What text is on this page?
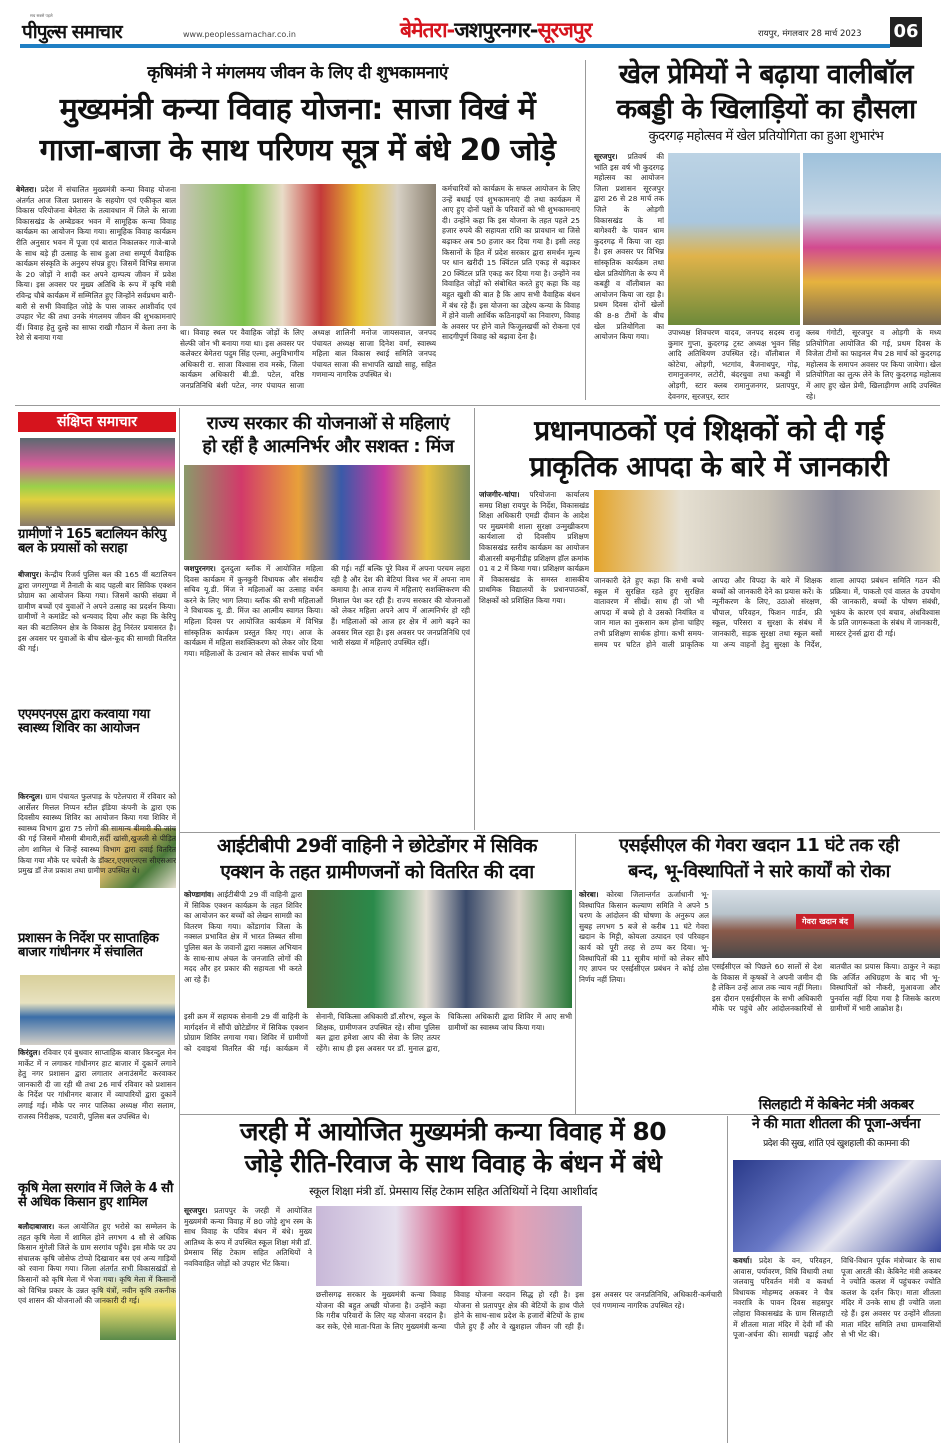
पीपुल्स समाचार
सच सबसे पहले
www.peoplessamachar.co.in	बेमेतरा-जशपुरनगर-सूरजपुर	रायपुर, मंगलवार 28 मार्च 2023 06
कृषिमंत्री ने मंगलमय जीवन के लिए दी शुभकामनाएं
मुख्यमंत्री कन्या विवाह योजना: साजा विखं में
गाजा-बाजा के साथ परिणय सूत्र में बंधे 20 जोड़े
बेमेतरा। प्रदेश में संचालित मुख्यमंत्री कन्या विवाह योजना अंतर्गत आज जिला प्रशासन के सहयोग एवं एकीकृत बाल विकास परियोजना बेमेतरा के तत्वावधान में जिले के साजा विकासखंड के अम्बेडकर भवन में सामूहिक कन्या विवाह कार्यक्रम का आयोजन किया गया। सामूहिक विवाह कार्यक्रम रीति अनुसार भवन में पूजा एवं बारात निकालकर गाजे-बाजे के साथ बड़े ही उत्साह के साथ हुआ तथा सम्पूर्ण वैवाहिक कार्यक्रम संस्कृति के अनुरुप संपन्न हुए। जिसमें विभिन्न समाज के 20 जोड़ों ने शादी कर अपने दाम्पत्य जीवन में प्रवेश किया। इस अवसर पर मुख्य अतिथि के रूप में कृषि मंत्री रविन्द्र चौबे कार्यक्रम में सम्मिलित हुए जिन्होंने सर्वप्रथम बारी-बारी से सभी विवाहित जोड़े के पास जाकर आशीर्वाद एवं उपहार भेंट की तथा उनके मंगलमय जीवन की शुभकामनाएं दीं। विवाह हेतु दुल्हे का साफा राखी गौठान में केला तना के रेशे से बनाया गया
था। विवाह स्थल पर वैवाहिक जोड़ों के लिए सेल्फी जोन भी बनाया गया था। इस अवसर पर कलेक्टर बेमेतरा पदुम सिंह एल्मा, अनुविभागीय अधिकारी रा. साजा विश्वास राव मस्के, जिला कार्यक्रम अधिकारी बी.डी. पटेल, वरिष्ठ जनप्रतिनिधि बंशी पटेल, नगर पंचायत साजा अध्यक्ष शालिनी मनोज जायसवाल, जनपद पंचायत अध्यक्ष साजा दिनेश वर्मा, स्वास्थ्य महिला बाल विकास स्थाई समिति जनपद पंचायत साजा की सभापति खाद्यो साहू, सहित गणमान्य नागरिक उपस्थित थे।
कर्मचारियों को कार्यक्रम के सफल आयोजन के लिए उन्हें बधाई एवं शुभकामनाएं दी तथा कार्यक्रम में आए हुए दोनों पक्षों के परिवारों को भी शुभकामनाएं दी। उन्होंने कहा कि इस योजना के तहत पहले 25 हजार रुपये की सहायता राशि का प्रावधान था जिसे बढ़ाकर अब 50 हजार कर दिया गया है। इसी तरह किसानों के हित में प्रदेश सरकार द्वारा समर्थन मूल्य पर धान खरीदी 15 क्विंटल प्रति एकड़ से बढ़ाकर 20 क्विंटल प्रति एकड़ कर दिया गया है। उन्होंने नव विवाहित जोड़ों को संबोधित करते हुए कहा कि वह बहुत खुशी की बात है कि आप सभी वैवाहिक बंधन में बंध रहे हैं। इस योजना का उद्देश्य कन्या के विवाह में होने वाली आर्थिक कठिनाइयों का निवारण, विवाह के अवसर पर होने वाले फिजूलखर्ची को रोकना एवं सादगीपूर्ण विवाह को बढ़ावा देना है।
खेल प्रेमियों ने बढ़ाया वालीबॉल
कबड्डी के खिलाड़ियों का हौसला
कुदरगढ़ महोत्सव में खेल प्रतियोगिता का हुआ शुभारंभ
सूरजपुर। प्रतिवर्ष की भांति इस वर्ष भी कुदरगढ़ महोत्सव का आयोजन जिला प्रशासन सूरजपुर द्वारा 26 से 28 मार्च तक जिले के ओड़गी विकासखंड के मां बागेश्वरी के पावन धाम कुदरगढ़ में किया जा रहा है। इस अवसर पर विभिन्न सांस्कृतिक कार्यक्रम तथा खेल प्रतियोगिता के रूप में कबड्डी व वॉलीबाल का आयोजन किया जा रहा है। प्रथम दिवस दोनों खेलों की 8-8 टीमों के बीच खेल प्रतियोगिता का आयोजन किया गया।	उपाध्यक्ष शिवचरण यादव, जनपद सदस्य राजू कुमार गुप्ता, कुदरगढ़ ट्रस्ट अध्यक्ष भुवन सिंह आदि अतिथियण उपस्थित रहे। वॉलीबाल में कोटेया, ओड़गी, भटगांव, बैजनाथपुर, गोढ़, रामानुजनगर, लटोरी, बंदरचुवा तथा कबड्डी में ओड़गी, स्टार क्लब रामानुजनगर, प्रतापपुर, देवनगर, सूरजपुर, स्टार
क्लब गंगोटी, सूरजपुर व ओड़गी के मध्य प्रतियोगिता आयोजित की गई, प्रथम दिवस के विजेता टीमों का फाइनल मैच 28 मार्च को कुदरगढ़ महोत्सव के समापन अवसर पर किया जायेगा। खेल प्रतियोगिता का लुत्फ लेने के लिए कुदरगढ़ महोत्सव में आए हुए खेल प्रेमी, खिलाड़ीगण आदि उपस्थित रहे।
संक्षिप्त समाचार
ग्रामीणों ने 165 बटालियन केरिपु बल के प्रयासों को सराहा
बीजापुर। केन्द्रीय रिजर्व पुलिस बल की 165 वीं बटालियन द्वारा जगरगुण्डा में तैनाती के बाद पहली बार सिविक एक्शन प्रोग्राम का आयोजन किया गया। जिसमें काफी संख्या में ग्रामीण बच्चों एवं युवाओं ने अपने उत्साह का प्रदर्शन किया। ग्रामीणों ने कमांडेंट को धन्यवाद दिया और कहा कि केरिपु बल की बटालियन क्षेत्र के विकास हेतु निरंतर प्रयासरत है। इस अवसर पर युवाओं के बीच खेल-कूद की सामग्री वितरित की गई।
एएमएनएस द्वारा करवाया गया स्वास्थ्य शिविर का आयोजन
किरन्दुल। ग्राम पंचायत फुलपाड़ के पटेलपारा में रविवार को आर्सेलर मित्तल निप्पन स्टील इंडिया कंपनी के द्वारा एक दिवसीय स्वास्थ्य शिविर का आयोजन किया गया शिविर में स्वास्थ्य विभाग द्वारा 75 लोगों की सामान्य बीमारी की जांच की गई जिसमें मौसमी बीमारी,सर्दी खांसी,खुजली से पीड़ित लोग शामिल थे जिन्हें स्वास्थ्य विभाग द्वारा दवाई वितरित किया गया मौके पर चचेली के डॉक्टर,एएमएनएस सीएसआर प्रमुख डॉ तेज प्रकाश तथा ग्रामीण उपस्थित थे।
प्रशासन के निर्देश पर साप्ताहिक बाजार गांधीनगर में संचालित
किरंदुल। रविवार एवं बुधवार साप्ताहिक बाजार किरन्दुल मेन मार्केट में न लगाकर गांधीनगर हाट बाजार में दुकानें लगाने हेतु नगर प्रशासन द्वारा लगातार अनाउंसमेंट करवाकर जानकारी दी जा रही थी तथा 26 मार्च रविवार को प्रशासन के निर्देश पर गांधीनगर बाजार में व्यापारियों द्वारा दुकानें लगाई गई। मौके पर नगर पालिका अध्यक्ष मीरा सलाम, राजस्व निरीक्षक, पटवारी, पुलिस बल उपस्थित थे।
कृषि मेला सरगांव में जिले के 4 सौ से अधिक किसान हुए शामिल
बलौदाबाजार। कल आयोजित हुए भरोसे का सम्मेलन के तहत कृषि मेला में शामिल होने लगभग 4 सौ से अधिक किसान मुंगेली जिले के ग्राम सरगांव पहुँचे। इस मौके पर उप संचालक कृषि जोसेफ टोप्पो दिखावार बस एवं अन्य गाड़ियों को रवाना किया गया। जिला अंतर्गत सभी विकासखंडों से किसानों को कृषि मेला में भेजा गया। कृषि मेला में किसानों को विभिन्न प्रकार के उन्नत कृषि यंत्रों, नवीन कृषि तकनीक एवं शासन की योजनाओं की जानकारी दी गई।
राज्य सरकार की योजनाओं से महिलाएं
हो रहीं है आत्मनिर्भर और सशक्त : मिंज
जशपुरनगर। दुलदुला ब्लॉक में आयोजित महिला दिवस कार्यक्रम में कुनकुरी विधायक और संसदीय सचिव यू.डी. मिंज ने महिलाओं का उत्साह वर्धन करने के लिए भाग लिया। ब्लॉक की सभी महिलाओं ने विधायक यू. डी. मिंज का आत्मीय स्वागत किया। महिला दिवस पर आयोजित कार्यक्रम में विभिन्न सांस्कृतिक कार्यक्रम प्रस्तुत किए गए। आज के कार्यक्रम में महिला सशक्तिकरण को लेकर जोर दिया गया। महिलाओं के उत्थान को लेकर सार्थक चर्चा भी की गई। नहीं बल्कि पूरे विश्व में अपना परचम लहरा रही है और देश की बेटियां विश्व भर में अपना नाम कमाया है। आज राज्य में महिलाएं सशक्तिकरण की मिशाल पेश कर रही हैं। राज्य सरकार की योजनाओं को लेकर महिला अपने आप में आत्मनिर्भर हो रही हैं। महिलाओं को आज हर क्षेत्र में आगे बढ़ने का अवसर मिल रहा है। इस अवसर पर जनप्रतिनिधि एवं भारी संख्या में महिलाएं उपस्थित रहीं।
प्रधानपाठकों एवं शिक्षकों को दी गई
प्राकृतिक आपदा के बारे में जानकारी
जांजगीर-चांपा। परियोजना कार्यालय समग्र शिक्षा रायपुर के निर्देश, विकासखंड शिक्षा अधिकारी एमडी दीवान के आदेश पर मुख्यमंत्री शाला सुरक्षा उन्मुखीकरण कार्यशाला दो दिवसीय प्रशिक्षण विकासखंड स्तरीय कार्यक्रम का आयोजन बीआरसी बम्हनीडीह प्रशिक्षण हॉल क्रमांक 01 व 2 में किया गया। प्रशिक्षण कार्यक्रम में विकासखंड के समस्त शासकीय प्राथमिक विद्यालयों के प्रधानपाठकों, शिक्षकों को प्रशिक्षित किया गया।
जानकारी देते हुए कहा कि सभी बच्चे स्कूल में सुरक्षित रहते हुए सुरक्षित वातावरण में सीखें। साथ ही जो भी आपदा में बच्चे हो वे उसको नियंत्रित व जान माल का नुकसान कम होना चाहिए तभी प्रशिक्षण सार्थक होगा। कभी समय-समय पर घटित होने वाली प्राकृतिक आपदा और विपदा के बारे में शिक्षक बच्चों को जानकारी देने का प्रयास करें। के न्यूनीकरण के लिए, उठाओ संरक्षण, चौपाल, परिवहन, फिशन गार्डन, फ्री स्कूल, परिसरा व सुरक्षा के संबंध में जानकारी, सड़क सुरक्षा तथा स्कूल बसों या अन्य वाहनों हेतु सुरक्षा के निर्देश, शाला आपदा प्रबंधन समिति गठन की प्रक्रिया। में, पाकतो एवं वालत के उपयोग की जानकारी, बच्चों के पोषण संबंधी, भूकंप के कारण एवं बचाव, अंधविश्वास के प्रति जागरूकता के संबंध में जानकारी, मास्टर ट्रेनर्स द्वारा दी गई।
आईटीबीपी 29वीं वाहिनी ने छोटेडोंगर में सिविक
एक्शन के तहत ग्रामीणजनों को वितरित की दवा
कोण्डागांव। आईटीबीपी 29 वीं वाहिनी द्वारा में सिविक एक्शन कार्यक्रम के तहत शिविर का आयोजन कर बच्चों को लेखन सामग्री का वितरण किया गया। कोंडागांव जिला के नक्सल प्रभावित क्षेत्र में भारत तिब्बत सीमा पुलिस बल के जवानों द्वारा नक्सल अभियान के साथ-साथ अंचल के जनजाति लोगों की मदद और हर प्रकार की सहायता भी करते आ रहे हैं।
इसी क्रम में सहायक सेनानी 29 वीं वाहिनी के मार्गदर्शन में सौंपी छोटेडोंगर में सिविक एक्शन प्रोग्राम शिविर लगाया गया। शिविर में ग्रामीणों को दवाइयां वितरित की गई। कार्यक्रम में सेनानी, चिकित्सा अधिकारी डॉ.सौरभ, स्कूल के शिक्षक, ग्रामीणजन उपस्थित रहे। सीमा पुलिस बल द्वारा हमेशा आप की सेवा के लिए तत्पर रहेंगे। साथ ही इस अवसर पर डॉ. मुनाल द्वारा, चिकित्सा अधिकारी द्वारा शिविर में आए सभी ग्रामीणों का स्वास्थ्य जांच किया गया।
एसईसीएल की गेवरा खदान 11 घंटे तक रही
बन्द, भू-विस्थापितों ने सारे कार्यों को रोका
कोरबा। कोरबा जिलान्तर्गत ऊर्जाधानी भू-विस्थापित किसान कल्याण समिति ने अपने 5 चरण के आंदोलन की घोषणा के अनुरूप अल सुबह लगभग 5 बजे से करीब 11 घंटे गेवरा खदान के मिट्टी, कोयला उत्पादन एवं परिवहन कार्य को पूरी तरह से ठप्प कर दिया। भू-विस्थापितों की 11 सूत्रीय मांगों को लेकर सौंपे गए ज्ञापन पर एसईसीएल प्रबंधन ने कोई ठोस निर्णय नहीं लिया।
गेवरा खदान बंद
एसईसीएल को पिछले 60 सालों से देश के विकास में कृषकों ने अपनी जमीन दी है लेकिन उन्हें आज तक न्याय नहीं मिला। इस दौरान एसईसीएल के सभी अधिकारी मौके पर पहुंचे और आंदोलनकारियों से बातचीत का प्रयास किया। ठाकुर ने कहा कि अर्जित अधिग्रहण के बाद भी भू-विस्थापितों को नौकरी, मुआवजा और पुनर्वास नहीं दिया गया है जिसके कारण ग्रामीणों में भारी आक्रोश है।
जरही में आयोजित मुख्यमंत्री कन्या विवाह में 80
जोड़े रीति-रिवाज के साथ विवाह के बंधन में बंधे
स्कूल शिक्षा मंत्री डॉ. प्रेमसाय सिंह टेकाम सहित अतिथियों ने दिया आशीर्वाद
सूरजपुर। प्रतापपुर के जरही में आयोजित मुख्यमंत्री कन्या विवाह में 80 जोड़े शुभ रस्म के साथ विवाह के पवित्र बंधन में बंधे। मुख्य आतिथ्य के रूप में उपस्थित स्कूल शिक्षा मंत्री डॉ. प्रेमसाय सिंह टेकाम सहित अतिथियों ने नवविवाहित जोड़ों को उपहार भेंट किया।
छत्तीसगढ़ सरकार के मुख्यमंत्री कन्या विवाह योजना की बहुत अच्छी योजना है। उन्होंने कहा कि गरीब परिवारों के लिए यह योजना वरदान है। कर सके, ऐसे माता-पिता के लिए मुख्यमंत्री कन्या विवाह योजना वरदान सिद्ध हो रही है। इस योजना से प्रतापपुर क्षेत्र की बेटियों के हाथ पीले होने के साथ-साथ प्रदेश के हजारों बेटियों के हाथ पीले हुए हैं और वे खुशहाल जीवन जी रही हैं। इस अवसर पर जनप्रतिनिधि, अधिकारी-कर्मचारी एवं गणमान्य नागरिक उपस्थित रहे।
सिलहाटी में केबिनेट मंत्री अकबर
ने की माता शीतला की पूजा-अर्चना
प्रदेश की सुख, शांति एवं खुशहाली की कामना की
कवर्धा। प्रदेश के वन, परिवहन, आवास, पर्यावरण, विधि विधायी तथा जलवायु परिवर्तन मंत्री व कवर्धा विधायक मोहम्मद अकबर ने चैत्र नवरात्रि के पावन दिवस सहसपुर लोहारा विकासखंड के ग्राम सिलहाटी में शीतला माता मंदिर में देवी माँ की पूजा-अर्चना की। सामग्री चढ़ाई और विधि-विधान पूर्वक मंत्रोच्चार के साथ पूजा आरती की। केबिनेट मंत्री अकबर ने ज्योति कलश में पहुंचकर ज्योति कलश के दर्शन किए। माता शीतला मंदिर में उनके साथ ही ज्योति जला रहे हैं। इस अवसर पर उन्होंने शीतला माता मंदिर समिति तथा ग्रामवासियों से भी भेंट की।
